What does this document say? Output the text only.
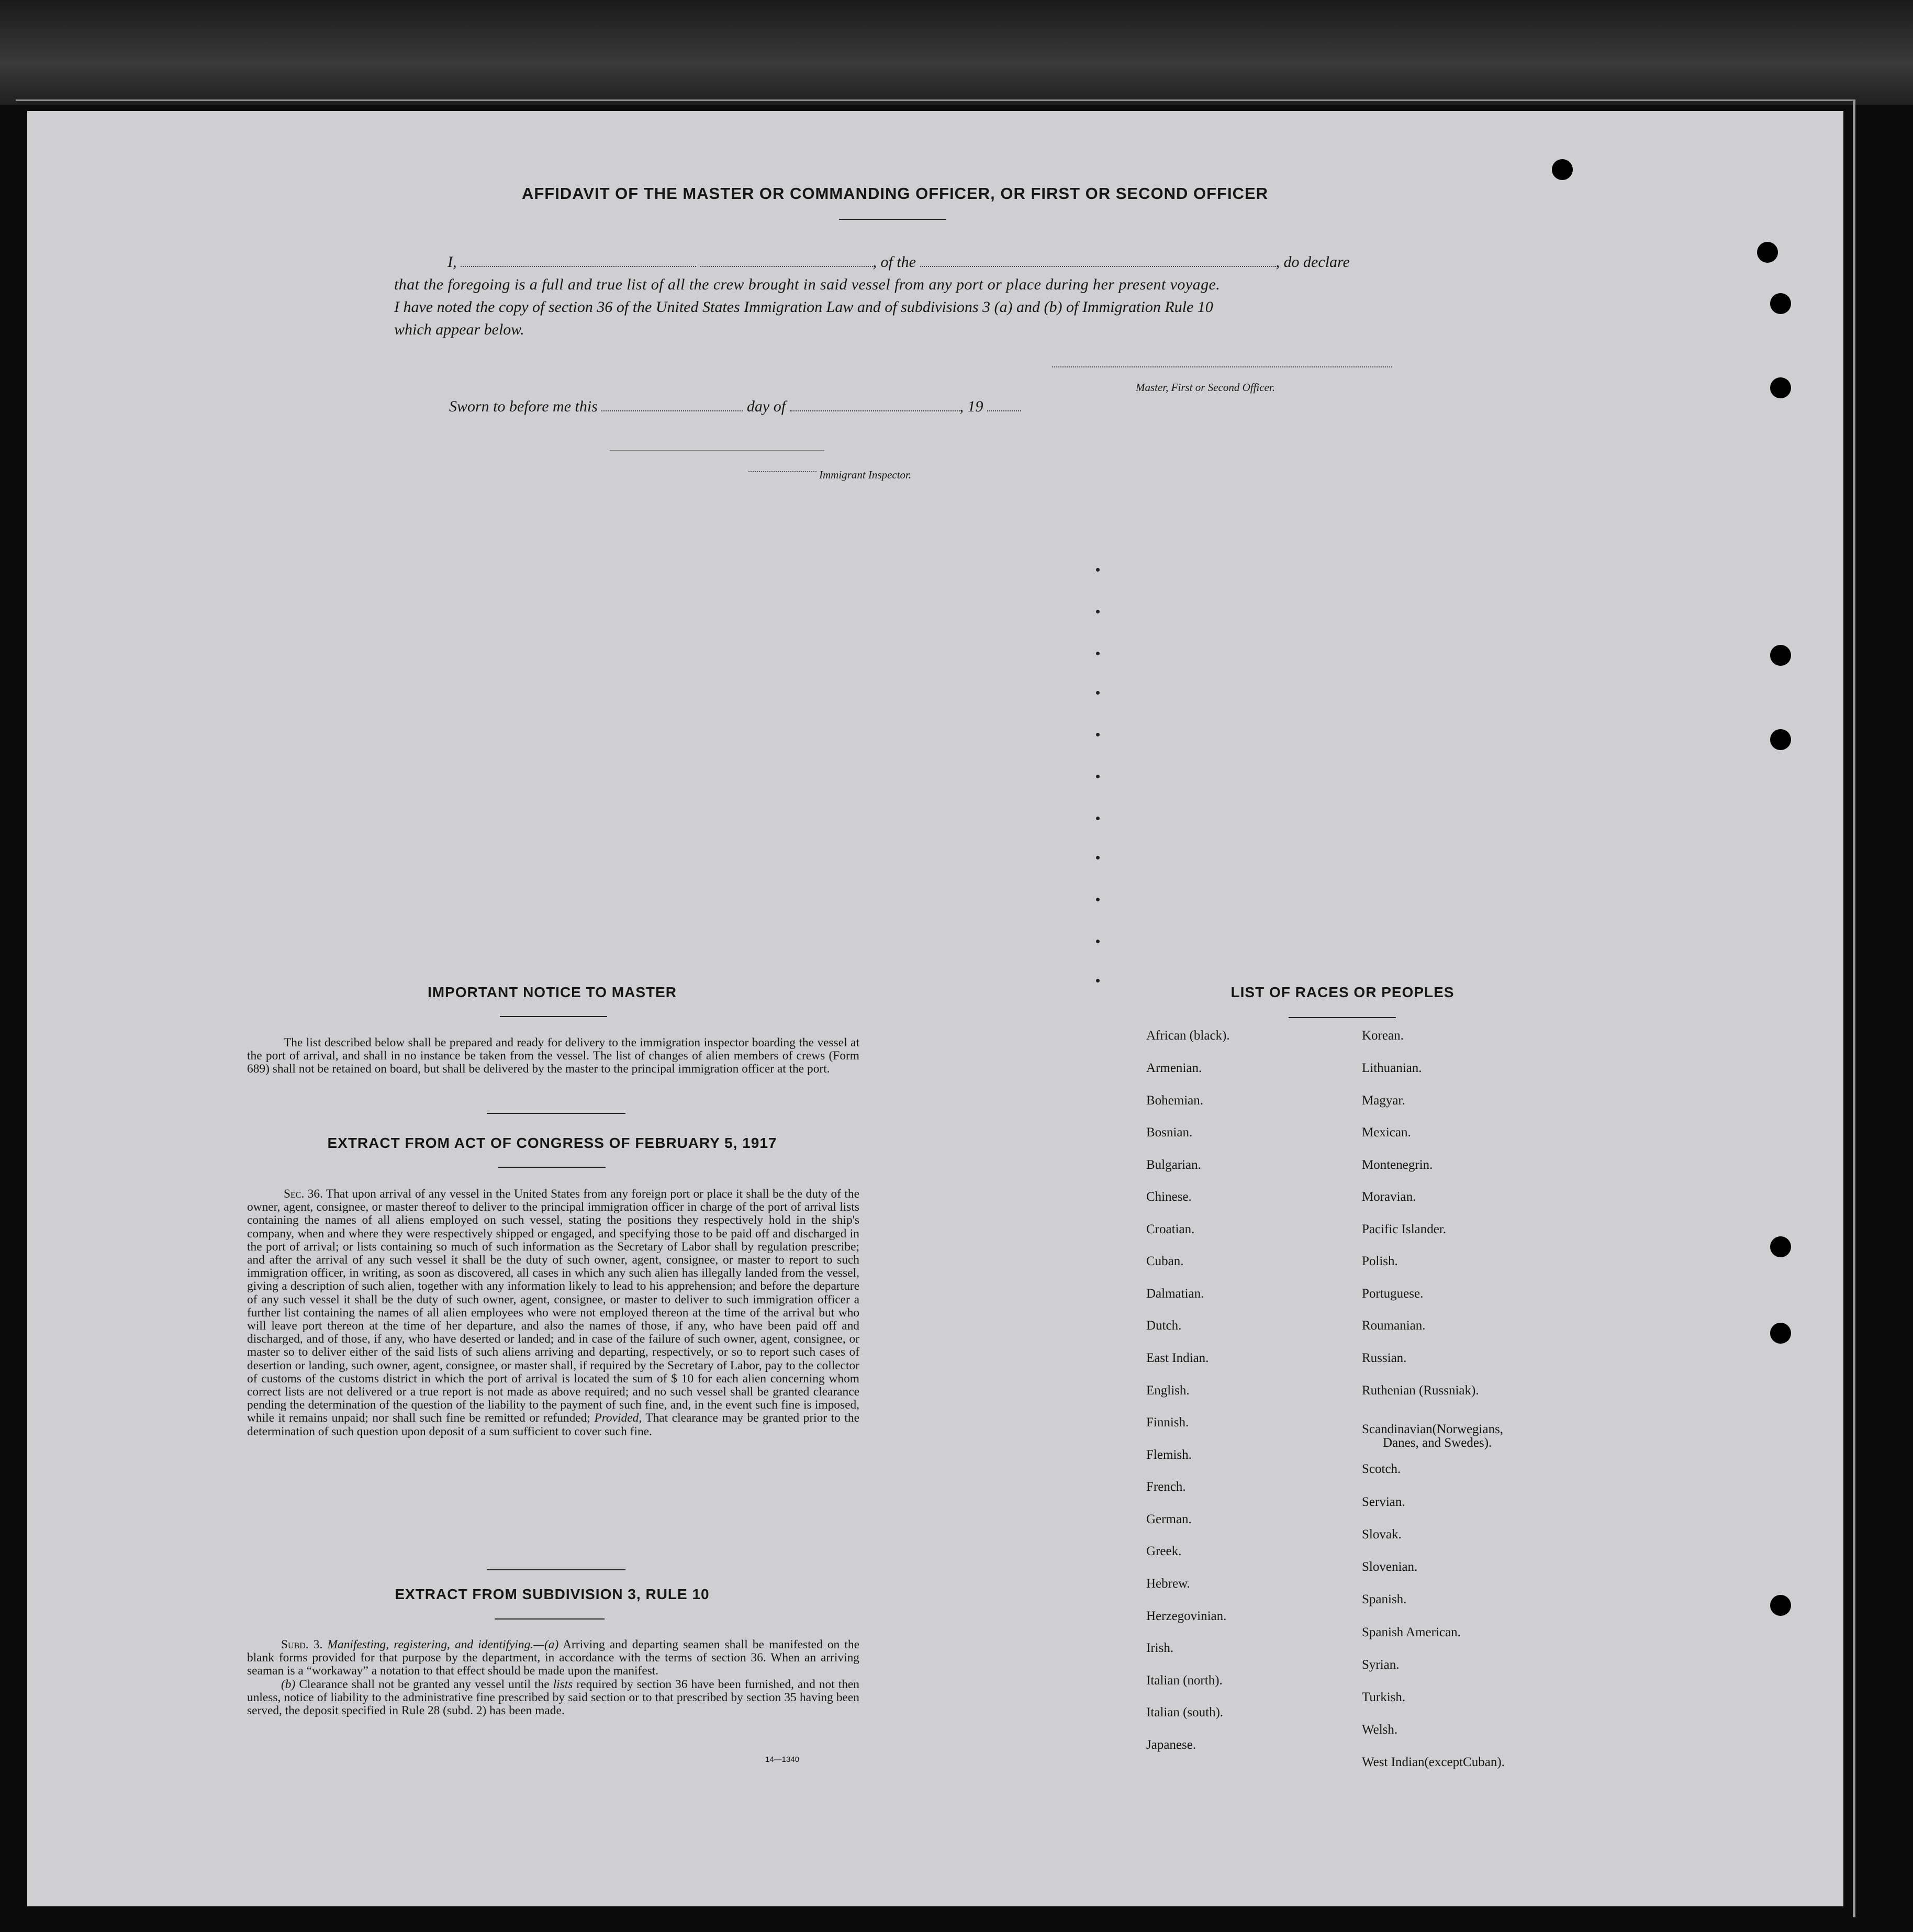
AFFIDAVIT OF THE MASTER OR COMMANDING OFFICER, OR FIRST OR SECOND OFFICER
I,	, of the	, do declare
that the foregoing is a full and true list of all the crew brought in said vessel from any port or place during her present voyage.
I have noted the copy of section 36 of the United States Immigration Law and of subdivisions 3 (a) and (b) of Immigration Rule 10
which appear below.
Master, First or Second Officer.
Sworn to before me this	day of	, 19
Immigrant Inspector.
IMPORTANT NOTICE TO MASTER

The list described below shall be prepared and ready for delivery to the immigration inspector boarding the vessel at the port of arrival, and shall in no instance be taken from the vessel. The list of changes of alien members of crews (Form 689) shall not be retained on board, but shall be delivered by the master to the principal immigration officer at the port.

EXTRACT FROM ACT OF CONGRESS OF FEBRUARY 5, 1917

Sec. 36. That upon arrival of any vessel in the United States from any foreign port or place it shall be the duty of the owner, agent, consignee, or master thereof to deliver to the principal immigration officer in charge of the port of arrival lists containing the names of all aliens employed on such vessel, stating the positions they respectively hold in the ship's company, when and where they were respectively shipped or engaged, and specifying those to be paid off and discharged in the port of arrival; or lists containing so much of such information as the Secretary of Labor shall by regulation prescribe; and after the arrival of any such vessel it shall be the duty of such owner, agent, consignee, or master to report to such immigration officer, in writing, as soon as discovered, all cases in which any such alien has illegally landed from the vessel, giving a description of such alien, together with any information likely to lead to his apprehension; and before the departure of any such vessel it shall be the duty of such owner, agent, consignee, or master to deliver to such immigration officer a further list containing the names of all alien employees who were not employed thereon at the time of the arrival but who will leave port thereon at the time of her departure, and also the names of those, if any, who have been paid off and discharged, and of those, if any, who have deserted or landed; and in case of the failure of such owner, agent, consignee, or master so to deliver either of the said lists of such aliens arriving and departing, respectively, or so to report such cases of desertion or landing, such owner, agent, consignee, or master shall, if required by the Secretary of Labor, pay to the collector of customs of the customs district in which the port of arrival is located the sum of $ 10 for each alien concerning whom correct lists are not delivered or a true report is not made as above required; and no such vessel shall be granted clearance pending the determination of the question of the liability to the payment of such fine, and, in the event such fine is imposed, while it remains unpaid; nor shall such fine be remitted or refunded; Provided, That clearance may be granted prior to the determination of such question upon deposit of a sum sufficient to cover such fine.

EXTRACT FROM SUBDIVISION 3, RULE 10

Subd. 3. Manifesting, registering, and identifying.—(a) Arriving and departing seamen shall be manifested on the blank forms provided for that purpose by the department, in accordance with the terms of section 36. When an arriving seaman is a “workaway” a notation to that effect should be made upon the manifest.

(b) Clearance shall not be granted any vessel until the lists required by section 36 have been furnished, and not then unless, notice of liability to the administrative fine prescribed by said section or to that prescribed by section 35 having been served, the deposit specified in Rule 28 (subd. 2) has been made.

14—1340
LIST OF RACES OR PEOPLES
African (black).
Armenian.
Bohemian.
Bosnian.
Bulgarian.
Chinese.
Croatian.
Cuban.
Dalmatian.
Dutch.
East Indian.
English.
Finnish.
Flemish.
French.
German.
Greek.
Hebrew.
Herzegovinian.
Irish.
Italian (north).
Italian (south).
Japanese.
Korean.
Lithuanian.
Magyar.
Mexican.
Montenegrin.
Moravian.
Pacific Islander.
Polish.
Portuguese.
Roumanian.
Russian.
Ruthenian (Russniak).
Scandinavian(Norwegians,
Danes, and Swedes).
Scotch.
Servian.
Slovak.
Slovenian.
Spanish.
Spanish American.
Syrian.
Turkish.
Welsh.
West Indian(exceptCuban).
